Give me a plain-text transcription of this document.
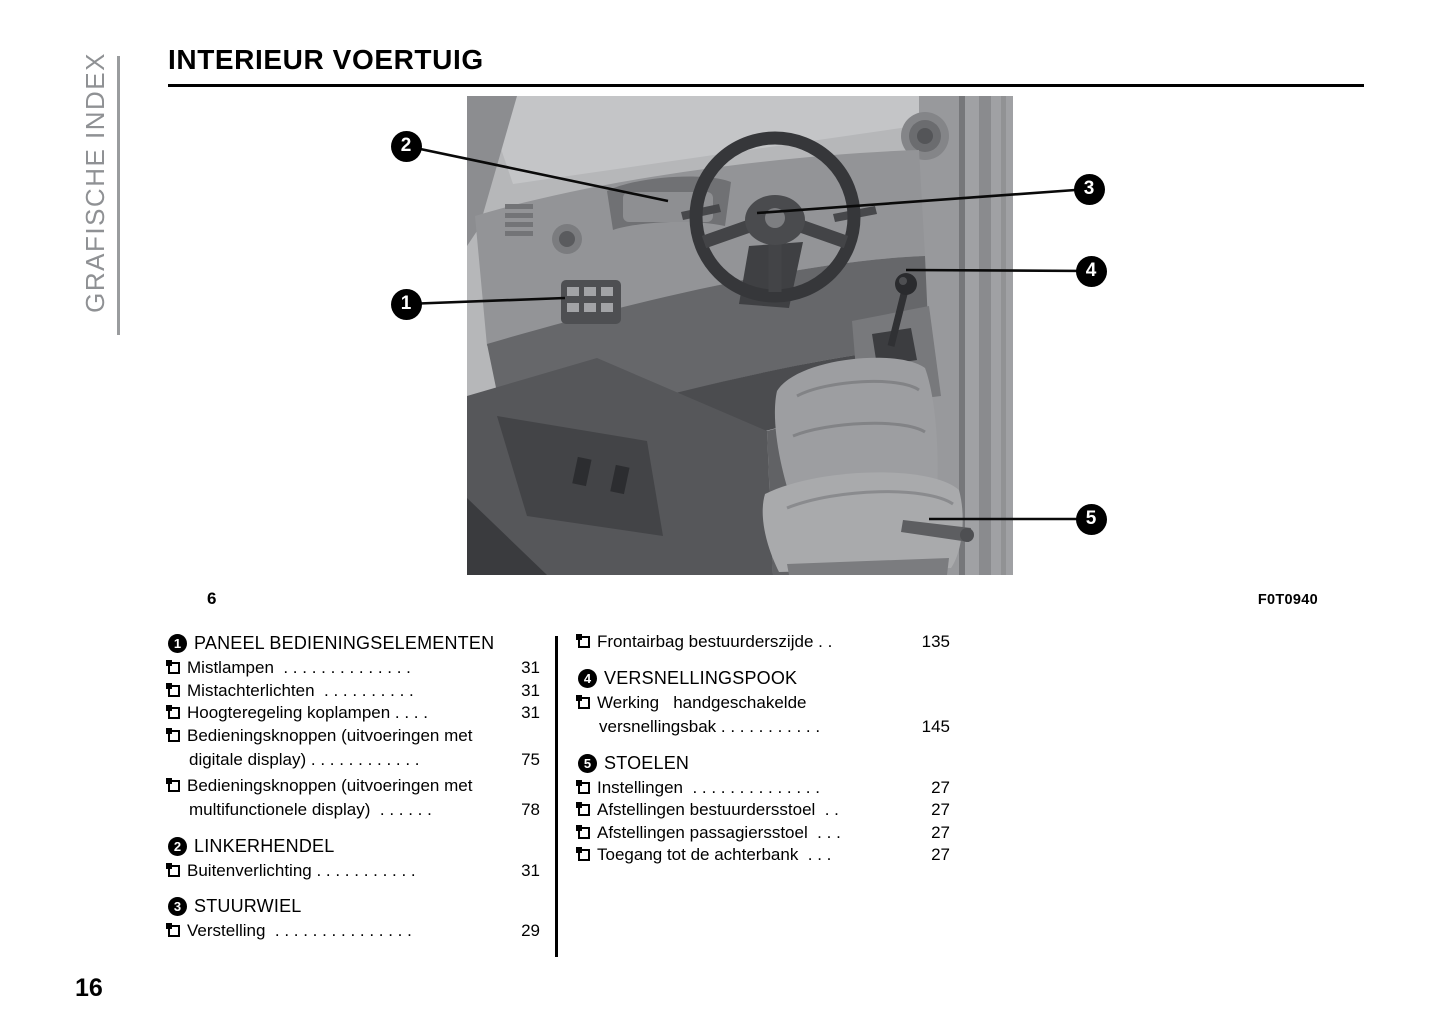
GRAFISCHE INDEX INTERIEUR VOERTUIG
1
2
3
4
5
6	F0T0940
1 PANEEL BEDIENINGSELEMENTEN
Mistlampen  . . . . . . . . . . . . . .	31
Mistachterlichten  . . . . . . . . . .	31
Hoogteregeling koplampen . . . .	31
Bedieningsknoppen (uitvoeringen met
digitale display) . . . . . . . . . . . .	75
Bedieningsknoppen (uitvoeringen met
multifunctionele display)  . . . . . .	78
2 LINKERHENDEL
Buitenverlichting . . . . . . . . . . .	31
3 STUURWIEL
Verstelling  . . . . . . . . . . . . . . .	29
Frontairbag bestuurderszijde . .	135
4 VERSNELLINGSPOOK
Werking   handgeschakelde
versnellingsbak . . . . . . . . . . .	145
5 STOELEN
Instellingen  . . . . . . . . . . . . . .	27
Afstellingen bestuurdersstoel  . .	27
Afstellingen passagiersstoel  . . .	27
Toegang tot de achterbank  . . .	27
16
